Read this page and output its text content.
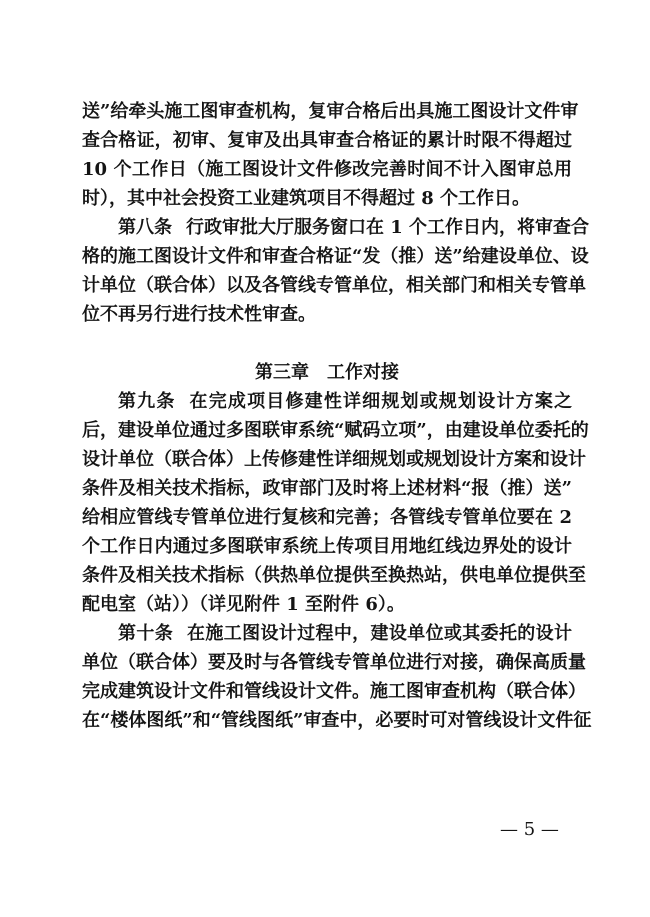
送”给牵头施工图审查机构，复审合格后出具施工图设计文件审
查合格证，初审、复审及出具审查合格证的累计时限不得超过
10 个工作日（施工图设计文件修改完善时间不计入图审总用
时），其中社会投资工业建筑项目不得超过 8 个工作日。
第八条 行政审批大厅服务窗口在 1 个工作日内，将审查合
格的施工图设计文件和审查合格证“发（推）送”给建设单位、设
计单位（联合体）以及各管线专管单位，相关部门和相关专管单
位不再另行进行技术性审查。
第三章 工作对接
第九条 在完成项目修建性详细规划或规划设计方案之
后，建设单位通过多图联审系统“赋码立项”，由建设单位委托的
设计单位（联合体）上传修建性详细规划或规划设计方案和设计
条件及相关技术指标，政审部门及时将上述材料“报（推）送”
给相应管线专管单位进行复核和完善；各管线专管单位要在 2
个工作日内通过多图联审系统上传项目用地红线边界处的设计
条件及相关技术指标（供热单位提供至换热站，供电单位提供至
配电室（站））（详见附件 1 至附件 6）。
第十条 在施工图设计过程中，建设单位或其委托的设计
单位（联合体）要及时与各管线专管单位进行对接，确保高质量
完成建筑设计文件和管线设计文件。施工图审查机构（联合体）
在“楼体图纸”和“管线图纸”审查中，必要时可对管线设计文件征
— 5 —
